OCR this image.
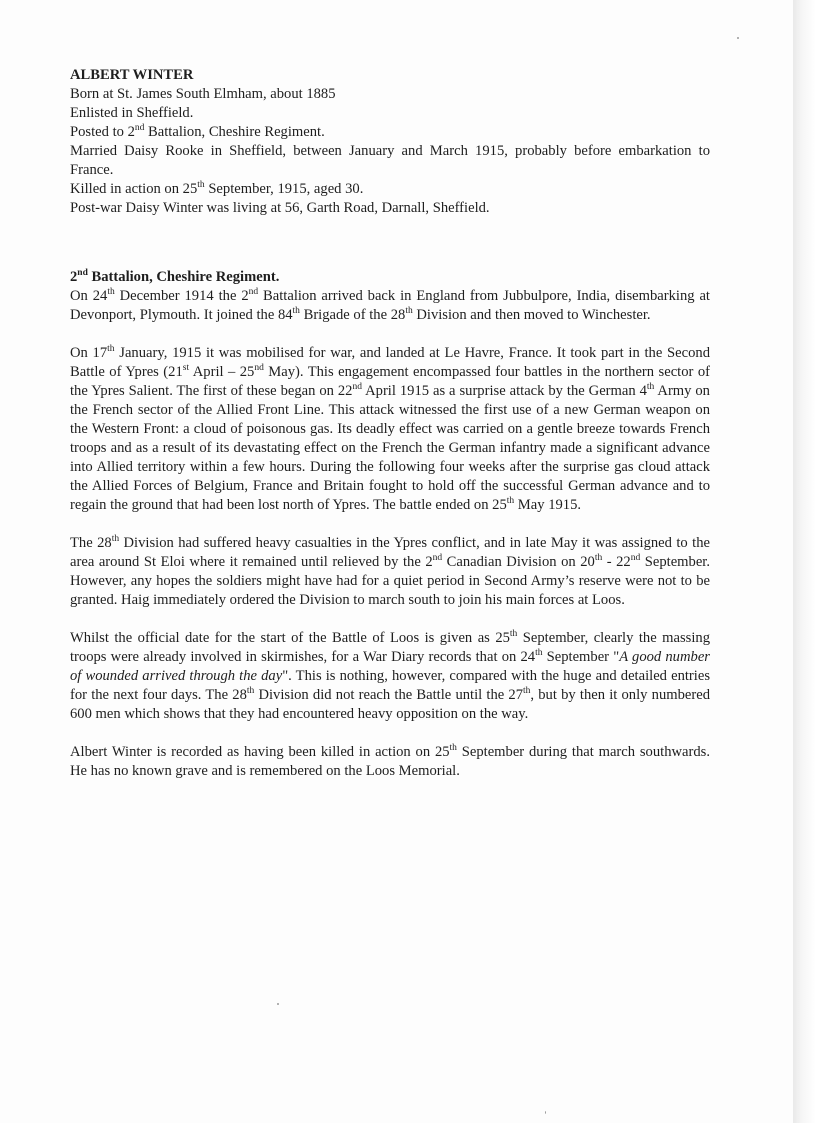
ALBERT WINTER

Born at St. James South Elmham, about 1885

Enlisted in Sheffield.

Posted to 2nd Battalion, Cheshire Regiment.

Married Daisy Rooke in Sheffield, between January and March 1915, probably before embarkation to France.

Killed in action on 25th September, 1915, aged 30.

Post-war Daisy Winter was living at 56, Garth Road, Darnall, Sheffield.

2nd Battalion, Cheshire Regiment.

On 24th December 1914 the 2nd Battalion arrived back in England from Jubbulpore, India, disembarking at Devonport, Plymouth. It joined the 84th Brigade of the 28th Division and then moved to Winchester.

On 17th January, 1915 it was mobilised for war, and landed at Le Havre, France. It took part in the Second Battle of Ypres (21st April – 25nd May). This engagement encompassed four battles in the northern sector of the Ypres Salient. The first of these began on 22nd April 1915 as a surprise attack by the German 4th Army on the French sector of the Allied Front Line. This attack witnessed the first use of a new German weapon on the Western Front: a cloud of poisonous gas. Its deadly effect was carried on a gentle breeze towards French troops and as a result of its devastating effect on the French the German infantry made a significant advance into Allied territory within a few hours. During the following four weeks after the surprise gas cloud attack the Allied Forces of Belgium, France and Britain fought to hold off the successful German advance and to regain the ground that had been lost north of Ypres. The battle ended on 25th May 1915.

The 28th Division had suffered heavy casualties in the Ypres conflict, and in late May it was assigned to the area around St Eloi where it remained until relieved by the 2nd Canadian Division on 20th - 22nd September. However, any hopes the soldiers might have had for a quiet period in Second Army’s reserve were not to be granted. Haig immediately ordered the Division to march south to join his main forces at Loos.

Whilst the official date for the start of the Battle of Loos is given as 25th September, clearly the massing troops were already involved in skirmishes, for a War Diary records that on 24th September "A good number of wounded arrived through the day". This is nothing, however, compared with the huge and detailed entries for the next four days. The 28th Division did not reach the Battle until the 27th, but by then it only numbered 600 men which shows that they had encountered heavy opposition on the way.

Albert Winter is recorded as having been killed in action on 25th September during that march southwards. He has no known grave and is remembered on the Loos Memorial.
